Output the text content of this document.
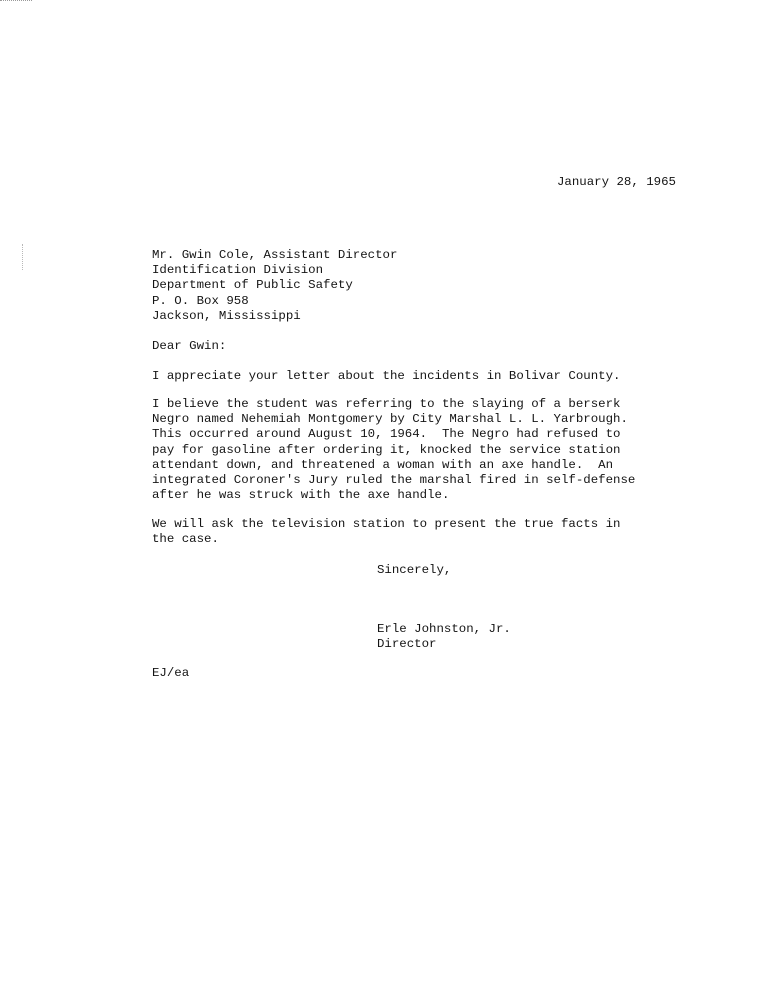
January 28, 1965

Mr. Gwin Cole, Assistant Director
Identification Division
Department of Public Safety
P. O. Box 958
Jackson, Mississippi

Dear Gwin:

I appreciate your letter about the incidents in Bolivar County.
I believe the student was referring to the slaying of a berserk
Negro named Nehemiah Montgomery by City Marshal L. L. Yarbrough.
This occurred around August 10, 1964.  The Negro had refused to
pay for gasoline after ordering it, knocked the service station
attendant down, and threatened a woman with an axe handle.  An
integrated Coroner's Jury ruled the marshal fired in self-defense
after he was struck with the axe handle.
We will ask the television station to present the true facts in
the case.

Sincerely,

Erle Johnston, Jr.

Director

EJ/ea
